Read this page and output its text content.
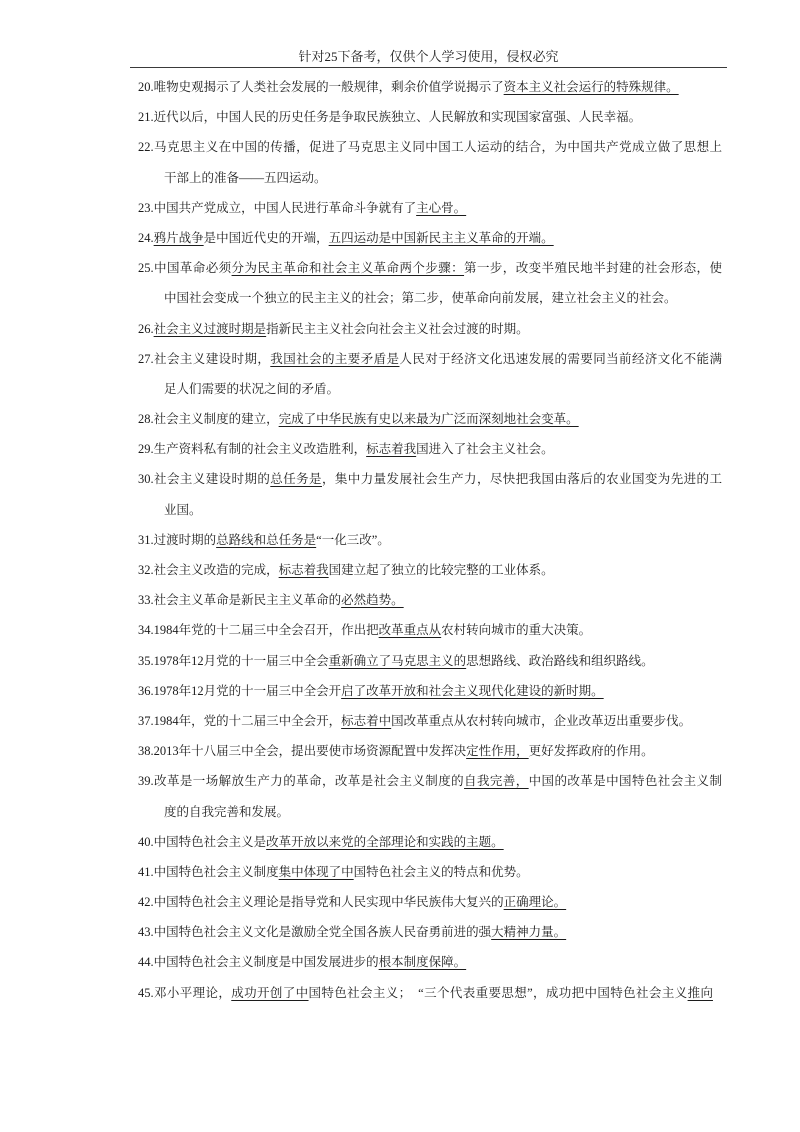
针对25下备考，仅供个人学习使用，侵权必究
20.唯物史观揭示了人类社会发展的一般规律，剩余价值学说揭示了资本主义社会运行的特殊规律。
21.近代以后，中国人民的历史任务是争取民族独立、人民解放和实现国家富强、人民幸福。
22.马克思主义在中国的传播，促进了马克思主义同中国工人运动的结合，为中国共产党成立做了思想上
干部上的准备——五四运动。
23.中国共产党成立，中国人民进行革命斗争就有了主心骨。
24.鸦片战争是中国近代史的开端，五四运动是中国新民主主义革命的开端。
25.中国革命必须分为民主革命和社会主义革命两个步骤：第一步，改变半殖民地半封建的社会形态，使
中国社会变成一个独立的民主主义的社会；第二步，使革命向前发展，建立社会主义的社会。
26.社会主义过渡时期是指新民主主义社会向社会主义社会过渡的时期。
27.社会主义建设时期，我国社会的主要矛盾是人民对于经济文化迅速发展的需要同当前经济文化不能满
足人们需要的状况之间的矛盾。
28.社会主义制度的建立，完成了中华民族有史以来最为广泛而深刻地社会变革。
29.生产资料私有制的社会主义改造胜利，标志着我国进入了社会主义社会。
30.社会主义建设时期的总任务是，集中力量发展社会生产力，尽快把我国由落后的农业国变为先进的工
业国。
31.过渡时期的总路线和总任务是“一化三改”。
32.社会主义改造的完成，标志着我国建立起了独立的比较完整的工业体系。
33.社会主义革命是新民主主义革命的必然趋势。
34.1984年党的十二届三中全会召开，作出把改革重点从农村转向城市的重大决策。
35.1978年12月党的十一届三中全会重新确立了马克思主义的思想路线、政治路线和组织路线。
36.1978年12月党的十一届三中全会开启了改革开放和社会主义现代化建设的新时期。
37.1984年，党的十二届三中全会开，标志着中国改革重点从农村转向城市，企业改革迈出重要步伐。
38.2013年十八届三中全会，提出要使市场资源配置中发挥决定性作用，更好发挥政府的作用。
39.改革是一场解放生产力的革命，改革是社会主义制度的自我完善，中国的改革是中国特色社会主义制
度的自我完善和发展。
40.中国特色社会主义是改革开放以来党的全部理论和实践的主题。
41.中国特色社会主义制度集中体现了中国特色社会主义的特点和优势。
42.中国特色社会主义理论是指导党和人民实现中华民族伟大复兴的正确理论。
43.中国特色社会主义文化是激励全党全国各族人民奋勇前进的强大精神力量。
44.中国特色社会主义制度是中国发展进步的根本制度保障。
45.邓小平理论，成功开创了中国特色社会主义；　“三个代表重要思想”，成功把中国特色社会主义推向
